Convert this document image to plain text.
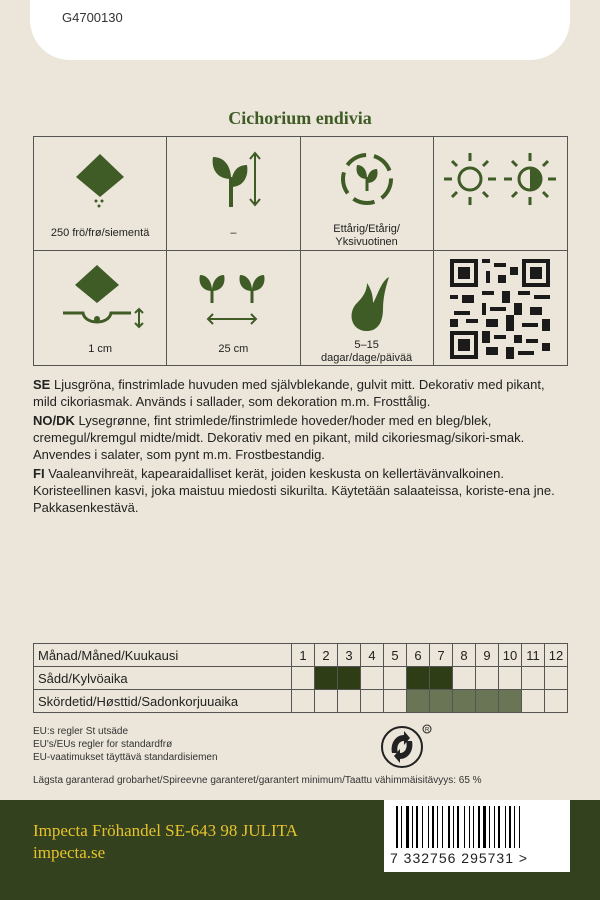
G4700130
Cichorium endivia
250 frö/frø/siementä	–	Ettårig/Etårig/
Yksivuotinen
1 cm	25 cm	5–15
dagar/dage/päivää

SE Ljusgröna, finstrimlade huvuden med självblekande, gulvit mitt. Dekorativ med pikant, mild cikoriasmak. Används i sallader, som dekoration m.m. Frosttålig.

NO/DK Lysegrønne, fint strimlede/finstrimlede hoveder/hoder med en bleg/blek, cremegul/kremgul midte/midt. Dekorativ med en pikant, mild cikoriesmag/sikori-smak. Anvendes i salater, som pynt m.m. Frostbestandig.

FI Vaaleanvihreät, kapearaidalliset kerät, joiden keskusta on kellertävänvalkoinen. Koristeellinen kasvi, joka maistuu miedosti sikurilta. Käytetään salaateissa, koriste-ena jne. Pakkasenkestävä.

Månad/Måned/Kuukausi	1	2	3	4	5	6	7	8	9	10	11	12
Sådd/Kylvöaika												
Skördetid/Høsttid/Sadonkorjuuaika												
EU:s regler St utsäde
EU's/EUs regler for standardfrø
EU-vaatimukset täyttävä standardisiemen
R
Lägsta garanterad grobarhet/Spireevne garanteret/garantert minimum/Taattu vähimmäisitävyys: 65 %
Impecta Fröhandel SE-643 98 JULITA
impecta.se	7 332756 295731 >
